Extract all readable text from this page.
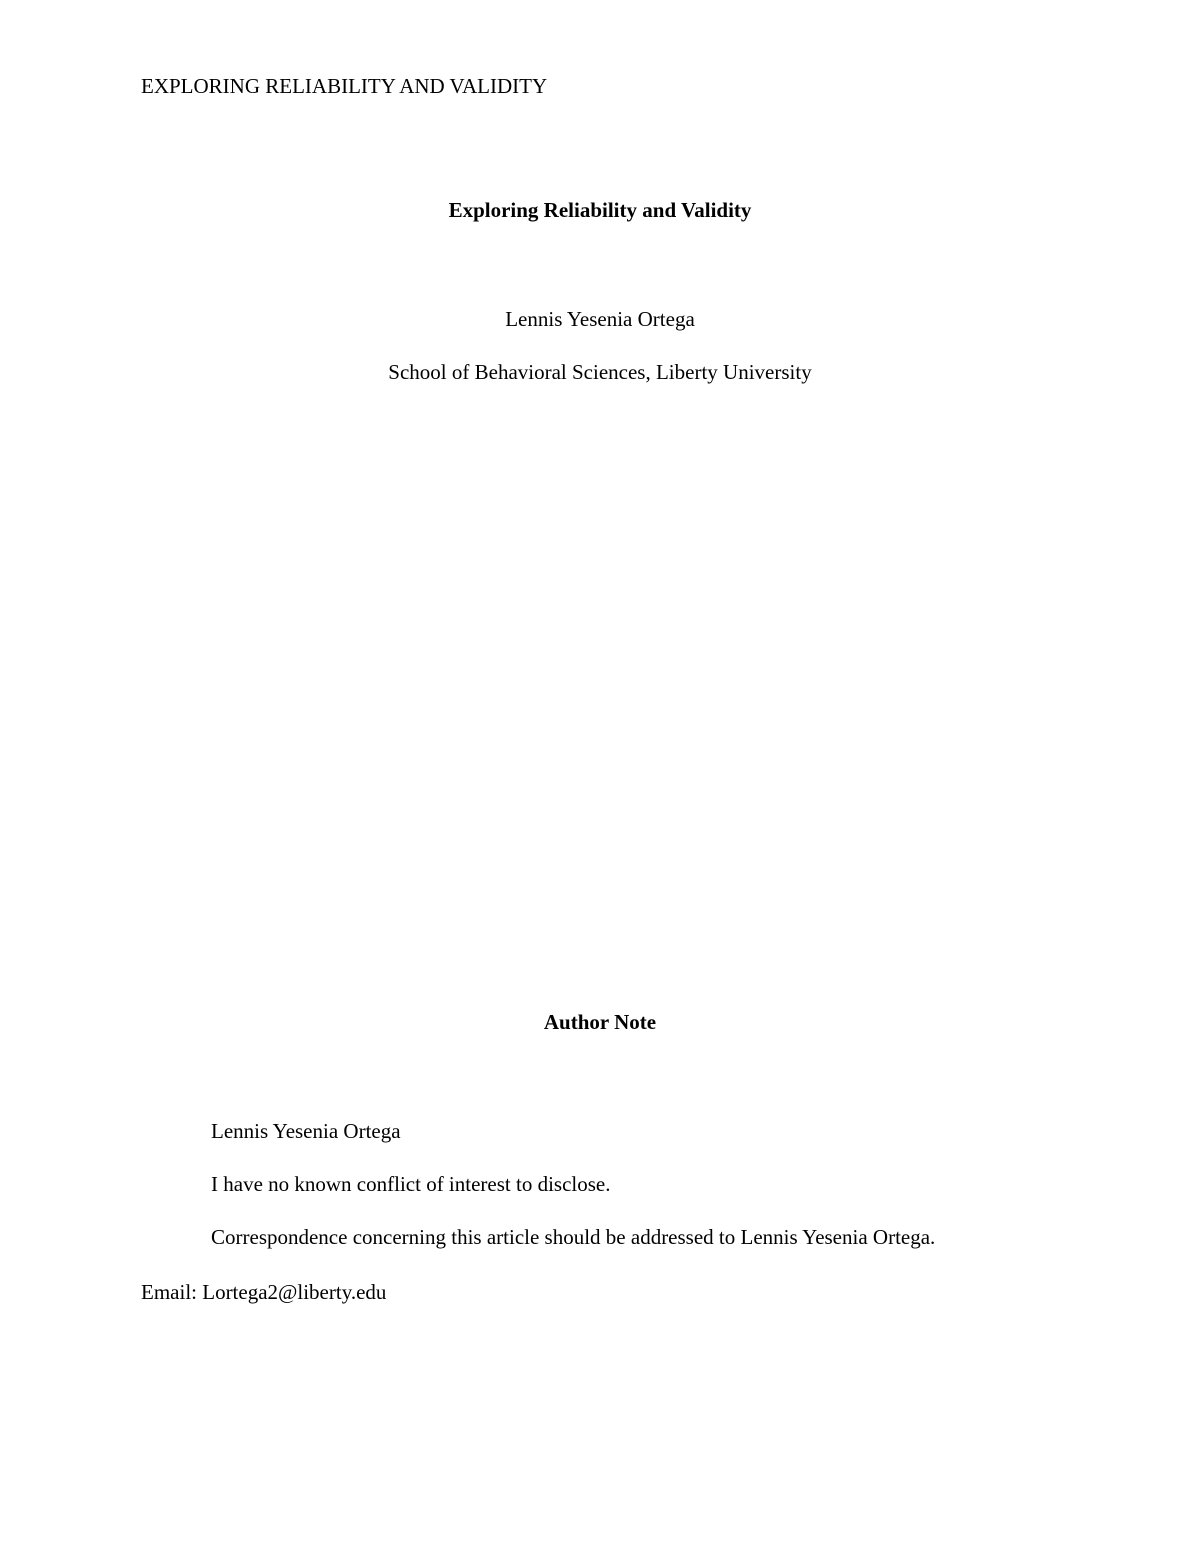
EXPLORING RELIABILITY AND VALIDITY
Exploring Reliability and Validity
Lennis Yesenia Ortega
School of Behavioral Sciences, Liberty University
Author Note
Lennis Yesenia Ortega
I have no known conflict of interest to disclose.
Correspondence concerning this article should be addressed to Lennis Yesenia Ortega.
Email: Lortega2@liberty.edu
